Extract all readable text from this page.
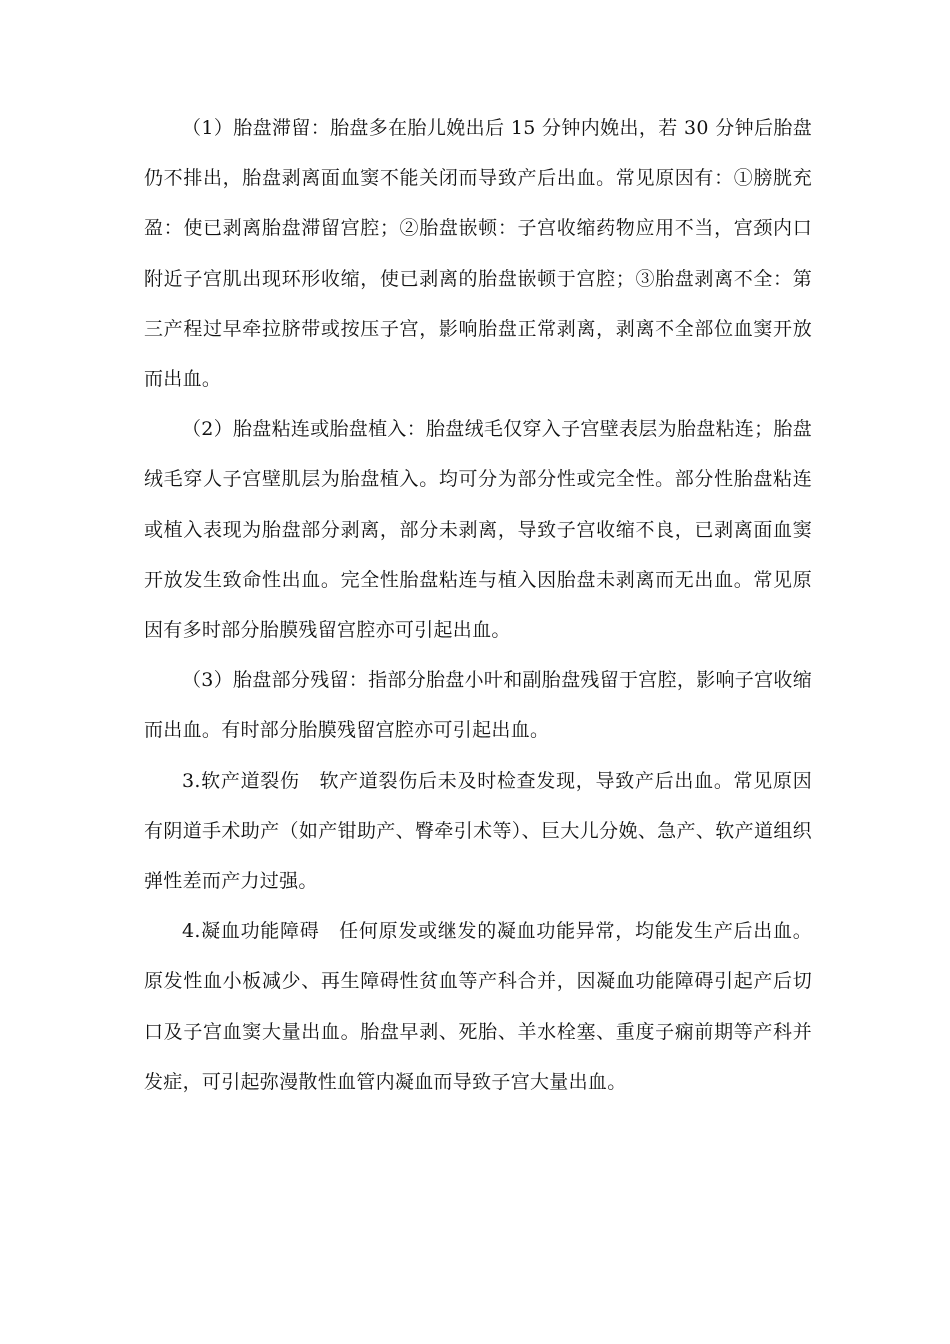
（1）胎盘滞留：胎盘多在胎儿娩出后 15 分钟内娩出，若 30 分钟后胎盘仍不排出，胎盘剥离面血窦不能关闭而导致产后出血。常见原因有：①膀胱充盈：使已剥离胎盘滞留宫腔；②胎盘嵌顿：子宫收缩药物应用不当，宫颈内口附近子宫肌出现环形收缩，使已剥离的胎盘嵌顿于宫腔；③胎盘剥离不全：第三产程过早牵拉脐带或按压子宫，影响胎盘正常剥离，剥离不全部位血窦开放而出血。

（2）胎盘粘连或胎盘植入：胎盘绒毛仅穿入子宫壁表层为胎盘粘连；胎盘绒毛穿人子宫壁肌层为胎盘植入。均可分为部分性或完全性。部分性胎盘粘连或植入表现为胎盘部分剥离，部分未剥离，导致子宫收缩不良，已剥离面血窦开放发生致命性出血。完全性胎盘粘连与植入因胎盘未剥离而无出血。常见原因有多时部分胎膜残留宫腔亦可引起出血。

（3）胎盘部分残留：指部分胎盘小叶和副胎盘残留于宫腔，影响子宫收缩而出血。有时部分胎膜残留宫腔亦可引起出血。

3.软产道裂伤　软产道裂伤后未及时检查发现，导致产后出血。常见原因有阴道手术助产（如产钳助产、臀牵引术等）、巨大儿分娩、急产、软产道组织弹性差而产力过强。

4.凝血功能障碍　任何原发或继发的凝血功能异常，均能发生产后出血。原发性血小板减少、再生障碍性贫血等产科合并，因凝血功能障碍引起产后切口及子宫血窦大量出血。胎盘早剥、死胎、羊水栓塞、重度子痫前期等产科并发症，可引起弥漫散性血管内凝血而导致子宫大量出血。
